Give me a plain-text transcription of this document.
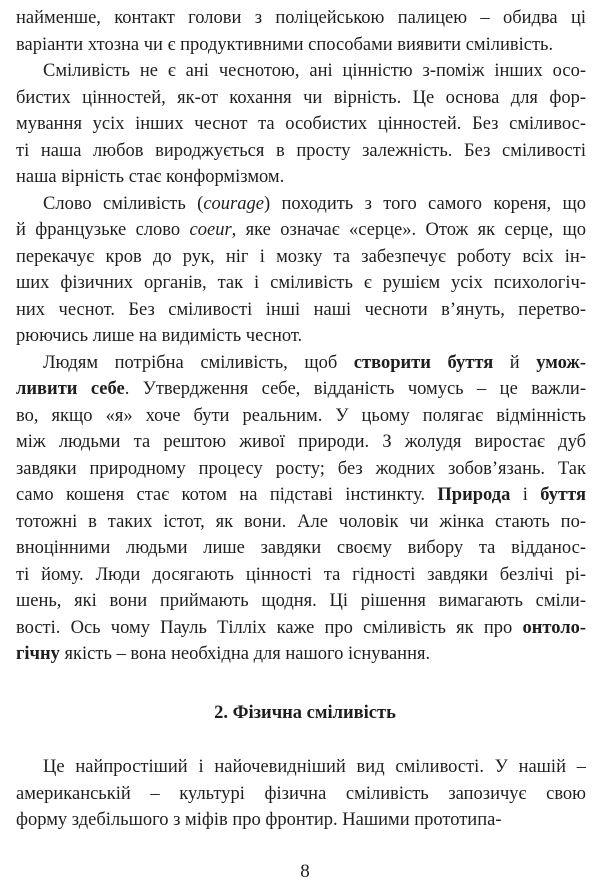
найменше, контакт голови з поліцейською палицею – обидва ці
варіанти хтозна чи є продуктивними способами виявити сміливість.
Сміливість не є ані чеснотою, ані цінністю з-поміж інших осо-
бистих цінностей, як-от кохання чи вірність. Це основа для фор-
мування усіх інших чеснот та особистих цінностей. Без сміливос-
ті наша любов вироджується в просту залежність. Без сміливості
наша вірність стає конформізмом.
Слово сміливість (courage) походить з того самого кореня, що
й французьке слово coeur, яке означає «серце». Отож як серце, що
перекачує кров до рук, ніг і мозку та забезпечує роботу всіх ін-
ших фізичних органів, так і сміливість є рушієм усіх психологіч-
них чеснот. Без сміливості інші наші чесноти в’януть, перетво-
рюючись лише на видимість чеснот.
Людям потрібна сміливість, щоб створити буття й умож-
ливити себе. Утвердження себе, відданість чомусь – це важли-
во, якщо «я» хоче бути реальним. У цьому полягає відмінність
між людьми та рештою живої природи. З жолудя виростає дуб
завдяки природному процесу росту; без жодних зобов’язань. Так
само кошеня стає котом на підставі інстинкту. Природа і буття
тотожні в таких істот, як вони. Але чоловік чи жінка стають по-
вноцінними людьми лише завдяки своєму вибору та відданос-
ті йому. Люди досягають цінності та гідності завдяки безлічі рі-
шень, які вони приймають щодня. Ці рішення вимагають сміли-
вості. Ось чому Пауль Тілліх каже про сміливість як про онтоло-
гічну якість – вона необхідна для нашого існування.
2. Фізична сміливість
Це найпростіший і найочевидніший вид сміливості. У нашій –
американській – культурі фізична сміливість запозичує свою
форму здебільшого з міфів про фронтир. Нашими прототипа-
8
